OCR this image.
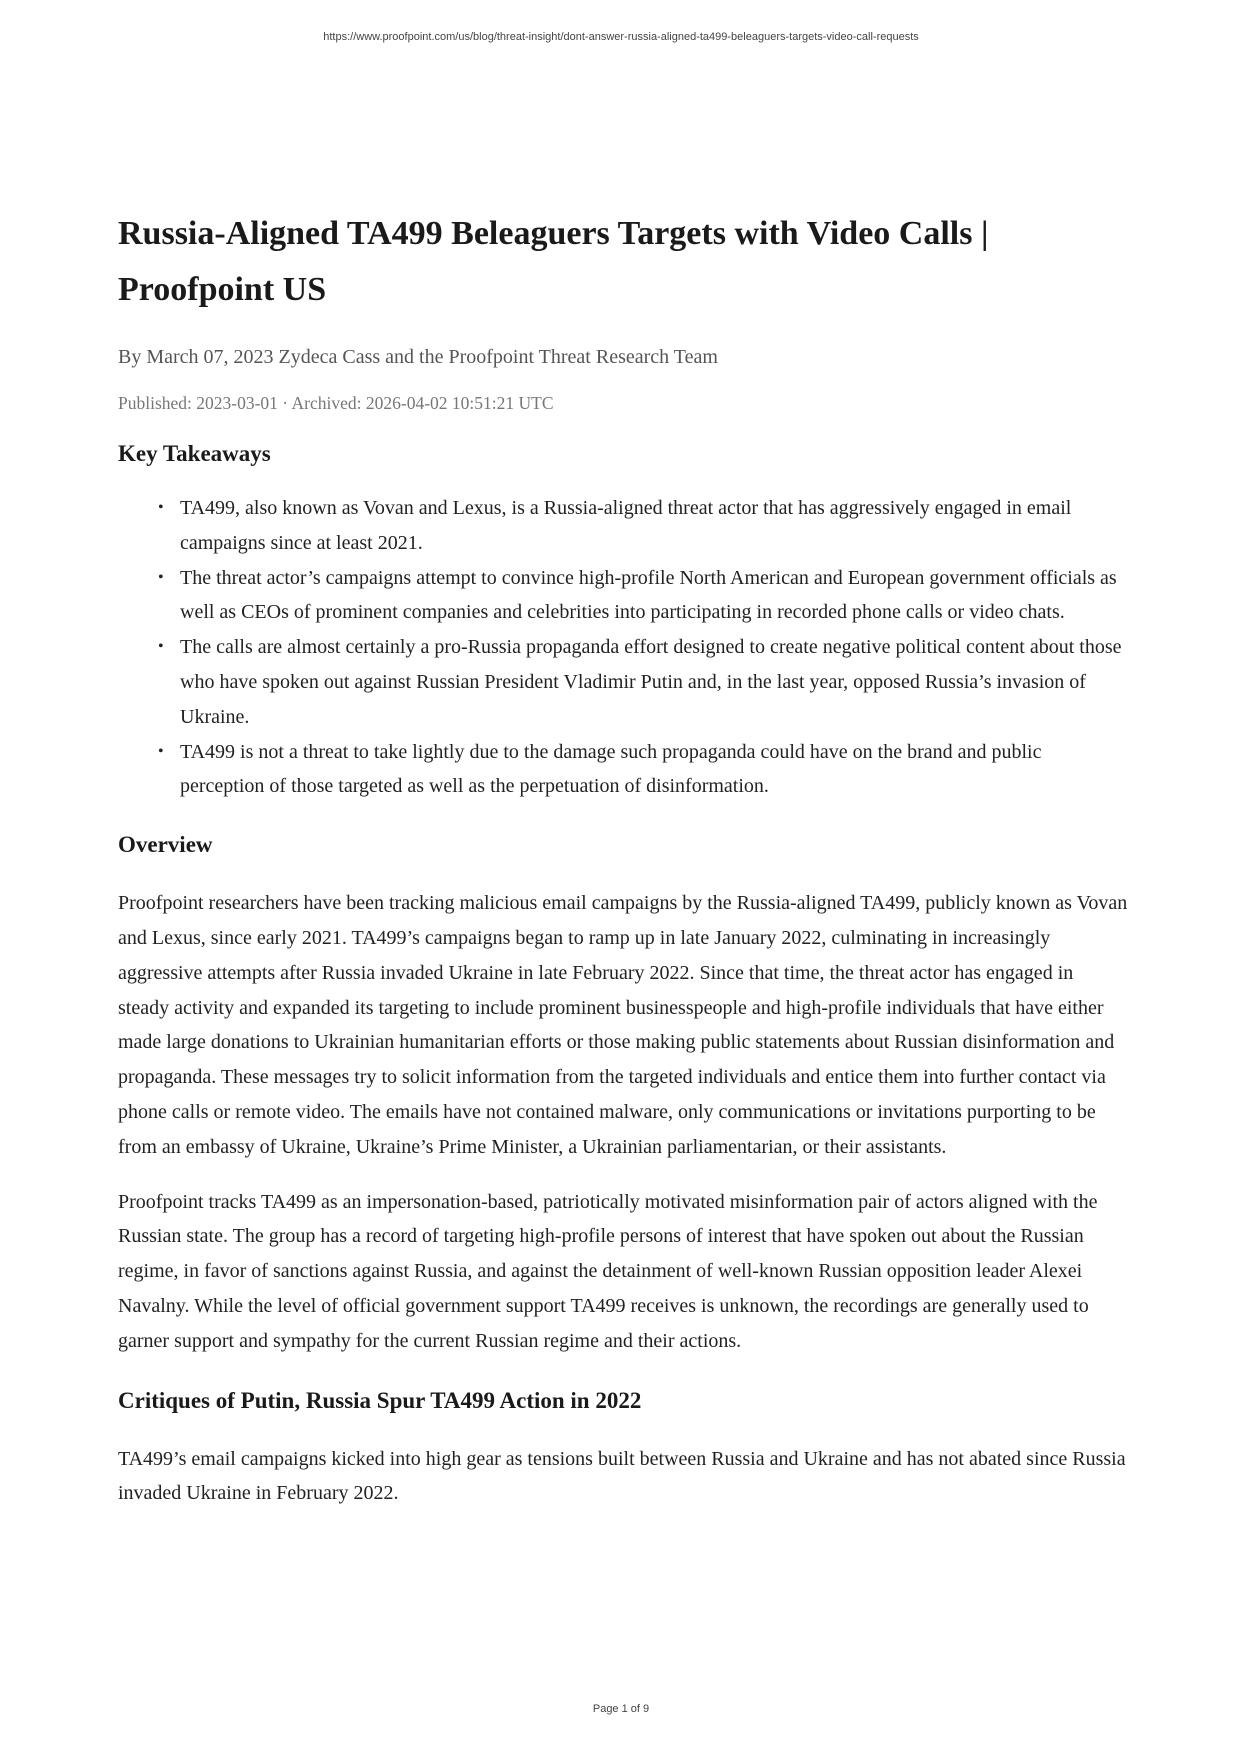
https://www.proofpoint.com/us/blog/threat-insight/dont-answer-russia-aligned-ta499-beleaguers-targets-video-call-requests
Russia-Aligned TA499 Beleaguers Targets with Video Calls | Proofpoint US
By March 07, 2023 Zydeca Cass and the Proofpoint Threat Research Team
Published: 2023-03-01 · Archived: 2026-04-02 10:51:21 UTC
Key Takeaways
• TA499, also known as Vovan and Lexus, is a Russia-aligned threat actor that has aggressively engaged in email campaigns since at least 2021.
• The threat actor’s campaigns attempt to convince high-profile North American and European government officials as well as CEOs of prominent companies and celebrities into participating in recorded phone calls or video chats.
• The calls are almost certainly a pro-Russia propaganda effort designed to create negative political content about those who have spoken out against Russian President Vladimir Putin and, in the last year, opposed Russia’s invasion of Ukraine.
• TA499 is not a threat to take lightly due to the damage such propaganda could have on the brand and public perception of those targeted as well as the perpetuation of disinformation.
Overview

Proofpoint researchers have been tracking malicious email campaigns by the Russia-aligned TA499, publicly known as Vovan and Lexus, since early 2021. TA499’s campaigns began to ramp up in late January 2022, culminating in increasingly aggressive attempts after Russia invaded Ukraine in late February 2022. Since that time, the threat actor has engaged in steady activity and expanded its targeting to include prominent businesspeople and high-profile individuals that have either made large donations to Ukrainian humanitarian efforts or those making public statements about Russian disinformation and propaganda. These messages try to solicit information from the targeted individuals and entice them into further contact via phone calls or remote video. The emails have not contained malware, only communications or invitations purporting to be from an embassy of Ukraine, Ukraine’s Prime Minister, a Ukrainian parliamentarian, or their assistants.

Proofpoint tracks TA499 as an impersonation-based, patriotically motivated misinformation pair of actors aligned with the Russian state. The group has a record of targeting high-profile persons of interest that have spoken out about the Russian regime, in favor of sanctions against Russia, and against the detainment of well-known Russian opposition leader Alexei Navalny. While the level of official government support TA499 receives is unknown, the recordings are generally used to garner support and sympathy for the current Russian regime and their actions.

Critiques of Putin, Russia Spur TA499 Action in 2022

TA499’s email campaigns kicked into high gear as tensions built between Russia and Ukraine and has not abated since Russia invaded Ukraine in February 2022.

Page 1 of 9
